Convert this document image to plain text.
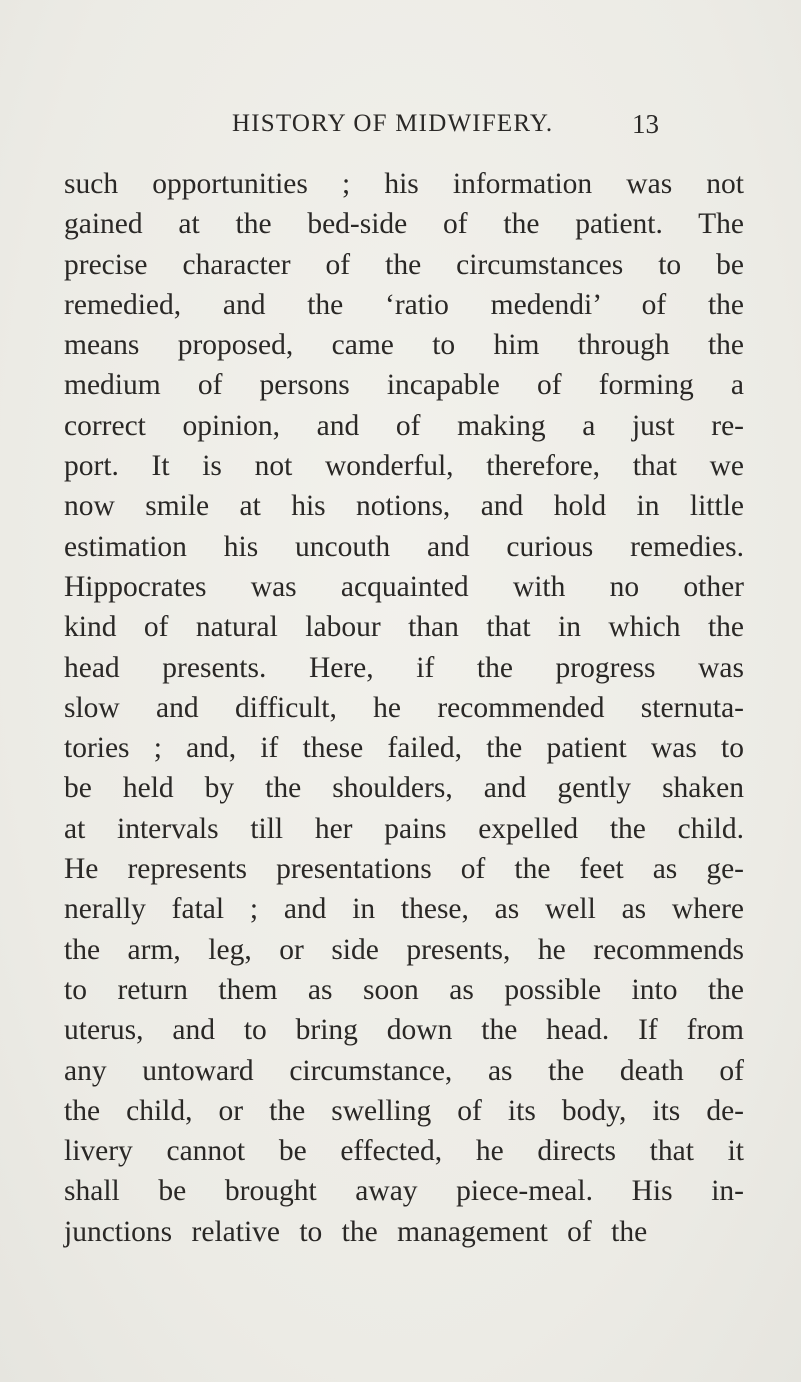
HISTORY OF MIDWIFERY.	13
such opportunities ; his information was not
gained at the bed-side of the patient. The
precise character of the circumstances to be
remedied, and the ‘ratio medendi’ of the
means proposed, came to him through the
medium of persons incapable of forming a
correct opinion, and of making a just re-
port. It is not wonderful, therefore, that we
now smile at his notions, and hold in little
estimation his uncouth and curious remedies.
Hippocrates was acquainted with no other
kind of natural labour than that in which the
head presents. Here, if the progress was
slow and difficult, he recommended sternuta-
tories ; and, if these failed, the patient was to
be held by the shoulders, and gently shaken
at intervals till her pains expelled the child.
He represents presentations of the feet as ge-
nerally fatal ; and in these, as well as where
the arm, leg, or side presents, he recommends
to return them as soon as possible into the
uterus, and to bring down the head. If from
any untoward circumstance, as the death of
the child, or the swelling of its body, its de-
livery cannot be effected, he directs that it
shall be brought away piece-meal. His in-
junctions relative to the management of the
